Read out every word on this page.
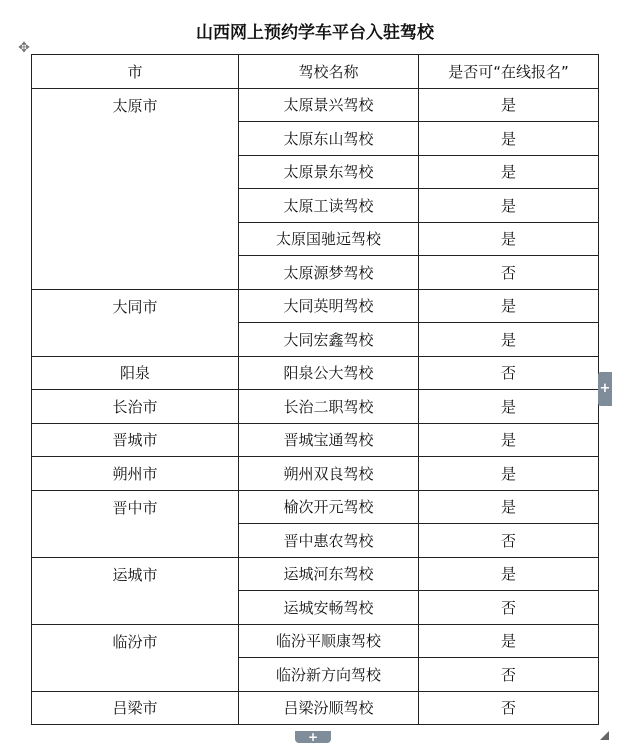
山西网上预约学车平台入驻驾校
✥
市	驾校名称	是否可“在线报名”
太原市	太原景兴驾校	是
	太原东山驾校	是
	太原景东驾校	是
	太原工读驾校	是
	太原国驰远驾校	是
	太原源梦驾校	否
大同市	大同英明驾校	是
	大同宏鑫驾校	是
阳泉	阳泉公大驾校	否
长治市	长治二职驾校	是
晋城市	晋城宝通驾校	是
朔州市	朔州双良驾校	是
晋中市	榆次开元驾校	是
	晋中惠农驾校	否
运城市	运城河东驾校	是
	运城安畅驾校	否
临汾市	临汾平顺康驾校	是
	临汾新方向驾校	否
吕梁市	吕梁汾顺驾校	否
+
+
